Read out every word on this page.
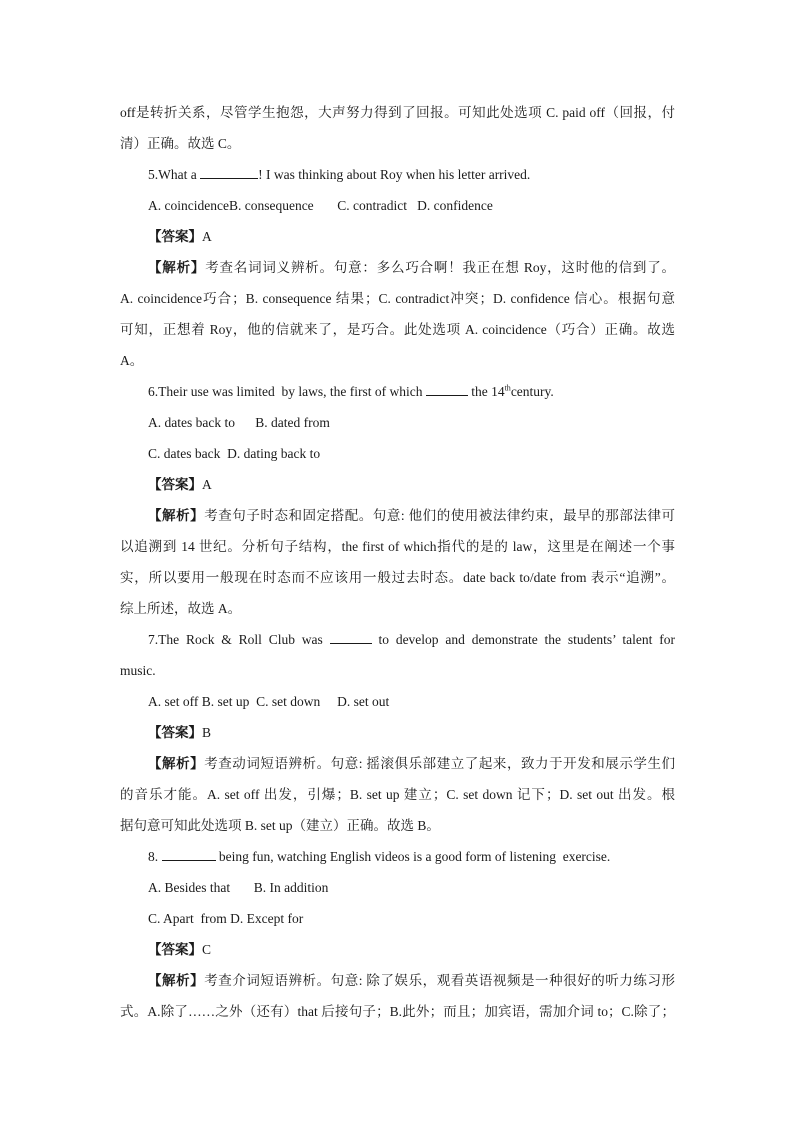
off是转折关系，尽管学生抱怨，大声努力得到了回报。可知此处选项 C. paid off（回报，付
清）正确。故选 C。
5.What a	! I was thinking about Roy when his letter arrived.
A. coincidenceB. consequence       C. contradict   D. confidence
【答案】A
【解析】考查名词词义辨析。句意：多么巧合啊！我正在想 Roy，这时他的信到了。
A. coincidence巧合；B. consequence 结果；C. contradict冲突；D. confidence 信心。根据句意
可知，正想着 Roy，他的信就来了，是巧合。此处选项 A. coincidence（巧合）正确。故选
A。
6.Their use was limited  by laws, the first of which	the 14thcentury.
A. dates back to      B. dated from
C. dates back  D. dating back to
【答案】A
【解析】考查句子时态和固定搭配。句意: 他们的使用被法律约束，最早的那部法律可
以追溯到 14 世纪。分析句子结构，the first of which指代的是的 law，这里是在阐述一个事
实，所以要用一般现在时态而不应该用一般过去时态。date back to/date from 表示“追溯”。
综上所述，故选 A。
7.The Rock & Roll Club was	to develop and demonstrate the students’ talent for
music.
A. set off B. set up  C. set down     D. set out
【答案】B
【解析】考查动词短语辨析。句意: 摇滚俱乐部建立了起来，致力于开发和展示学生们
的音乐才能。A. set off 出发，引爆；B. set up 建立；C. set down 记下；D. set out 出发。根
据句意可知此处选项 B. set up（建立）正确。故选 B。
8.	being fun, watching English videos is a good form of listening  exercise.
A. Besides that       B. In addition
C. Apart  from D. Except for
【答案】C
【解析】考查介词短语辨析。句意: 除了娱乐，观看英语视频是一种很好的听力练习形
式。A.除了……之外（还有）that 后接句子；B.此外；而且；加宾语，需加介词 to；C.除了；
